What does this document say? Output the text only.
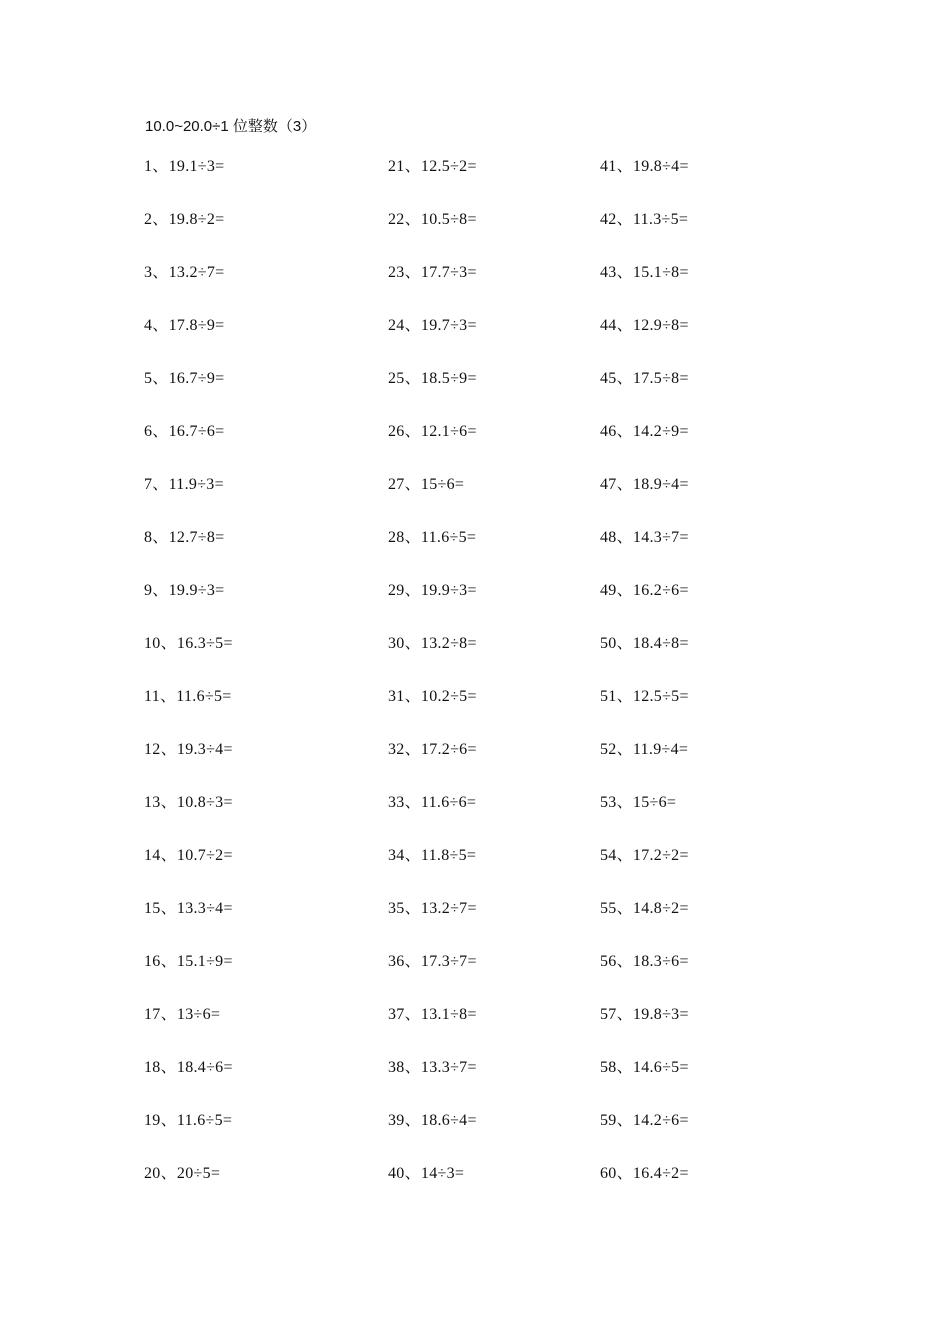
10.0~20.0÷1 位整数（3）
1、19.1÷3=
2、19.8÷2=
3、13.2÷7=
4、17.8÷9=
5、16.7÷9=
6、16.7÷6=
7、11.9÷3=
8、12.7÷8=
9、19.9÷3=
10、16.3÷5=
11、11.6÷5=
12、19.3÷4=
13、10.8÷3=
14、10.7÷2=
15、13.3÷4=
16、15.1÷9=
17、13÷6=
18、18.4÷6=
19、11.6÷5=
20、20÷5=
21、12.5÷2=
22、10.5÷8=
23、17.7÷3=
24、19.7÷3=
25、18.5÷9=
26、12.1÷6=
27、15÷6=
28、11.6÷5=
29、19.9÷3=
30、13.2÷8=
31、10.2÷5=
32、17.2÷6=
33、11.6÷6=
34、11.8÷5=
35、13.2÷7=
36、17.3÷7=
37、13.1÷8=
38、13.3÷7=
39、18.6÷4=
40、14÷3=
41、19.8÷4=
42、11.3÷5=
43、15.1÷8=
44、12.9÷8=
45、17.5÷8=
46、14.2÷9=
47、18.9÷4=
48、14.3÷7=
49、16.2÷6=
50、18.4÷8=
51、12.5÷5=
52、11.9÷4=
53、15÷6=
54、17.2÷2=
55、14.8÷2=
56、18.3÷6=
57、19.8÷3=
58、14.6÷5=
59、14.2÷6=
60、16.4÷2=
